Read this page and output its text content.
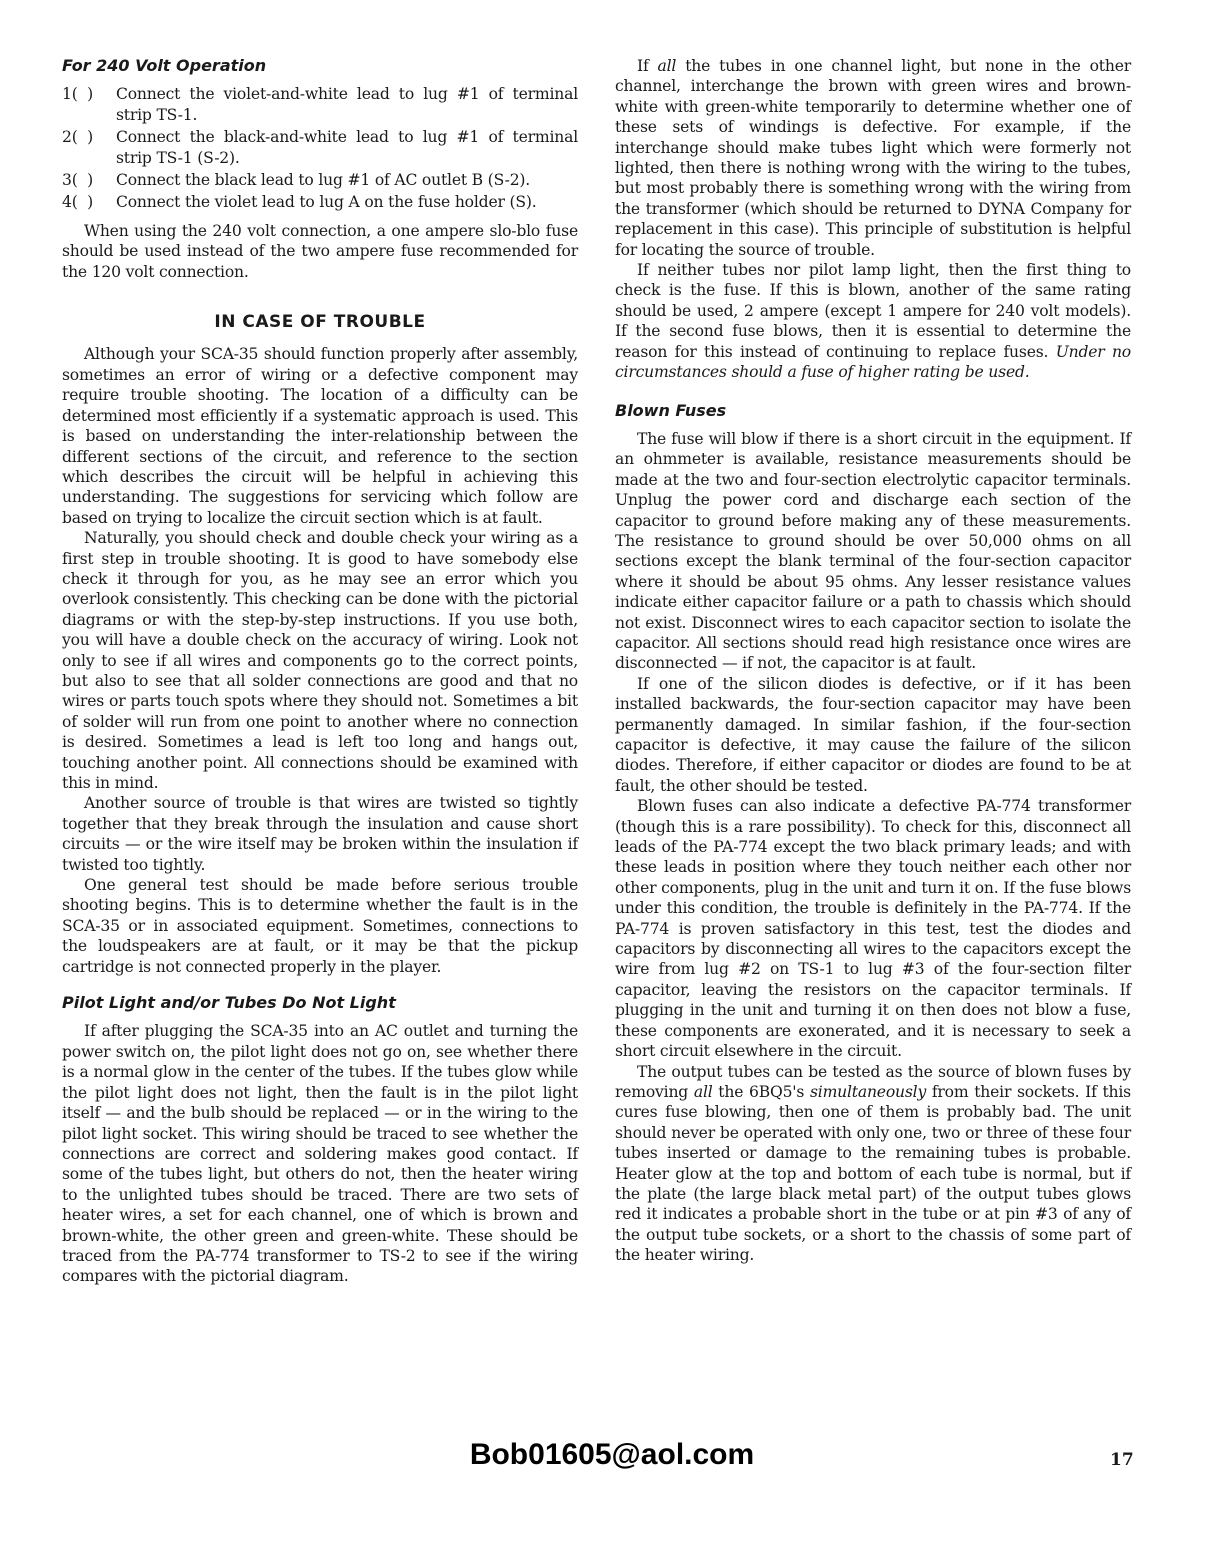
For 240 Volt Operation
1(  )	Connect the violet-and-white lead to lug #1 of terminal strip TS-1.
2(  )	Connect the black-and-white lead to lug #1 of terminal strip TS-1 (S-2).
3(  )	Connect the black lead to lug #1 of AC outlet B (S-2).
4(  )	Connect the violet lead to lug A on the fuse holder (S).

When using the 240 volt connection, a one ampere slo-blo fuse should be used instead of the two ampere fuse recommended for the 120 volt connection.

IN CASE OF TROUBLE

Although your SCA-35 should function properly after assembly, sometimes an error of wiring or a defective component may require trouble shooting. The location of a difficulty can be determined most efficiently if a systematic approach is used. This is based on understanding the inter-relationship between the different sections of the circuit, and reference to the section which describes the circuit will be helpful in achieving this understanding. The suggestions for servicing which follow are based on trying to localize the circuit section which is at fault.

Naturally, you should check and double check your wiring as a first step in trouble shooting. It is good to have somebody else check it through for you, as he may see an error which you overlook consistently. This checking can be done with the pictorial diagrams or with the step-by-step instructions. If you use both, you will have a double check on the accuracy of wiring. Look not only to see if all wires and components go to the correct points, but also to see that all solder connections are good and that no wires or parts touch spots where they should not. Sometimes a bit of solder will run from one point to another where no connection is desired. Sometimes a lead is left too long and hangs out, touching another point. All connections should be examined with this in mind.

Another source of trouble is that wires are twisted so tightly together that they break through the insulation and cause short circuits — or the wire itself may be broken within the insulation if twisted too tightly.

One general test should be made before serious trouble shooting begins. This is to determine whether the fault is in the SCA-35 or in associated equipment. Sometimes, connections to the loudspeakers are at fault, or it may be that the pickup cartridge is not connected properly in the player.

Pilot Light and/or Tubes Do Not Light

If after plugging the SCA-35 into an AC outlet and turning the power switch on, the pilot light does not go on, see whether there is a normal glow in the center of the tubes. If the tubes glow while the pilot light does not light, then the fault is in the pilot light itself — and the bulb should be replaced — or in the wiring to the pilot light socket. This wiring should be traced to see whether the connections are correct and soldering makes good contact. If some of the tubes light, but others do not, then the heater wiring to the unlighted tubes should be traced. There are two sets of heater wires, a set for each channel, one of which is brown and brown-white, the other green and green-white. These should be traced from the PA-774 transformer to TS-2 to see if the wiring compares with the pictorial diagram.

If all the tubes in one channel light, but none in the other channel, interchange the brown with green wires and brown-white with green-white temporarily to determine whether one of these sets of windings is defective. For example, if the interchange should make tubes light which were formerly not lighted, then there is nothing wrong with the wiring to the tubes, but most probably there is something wrong with the wiring from the transformer (which should be returned to DYNA Company for replacement in this case). This principle of substitution is helpful for locating the source of trouble.

If neither tubes nor pilot lamp light, then the first thing to check is the fuse. If this is blown, another of the same rating should be used, 2 ampere (except 1 ampere for 240 volt models). If the second fuse blows, then it is essential to determine the reason for this instead of continuing to replace fuses. Under no circumstances should a fuse of higher rating be used.

Blown Fuses

The fuse will blow if there is a short circuit in the equipment. If an ohmmeter is available, resistance measurements should be made at the two and four-section electrolytic capacitor terminals. Unplug the power cord and discharge each section of the capacitor to ground before making any of these measurements. The resistance to ground should be over 50,000 ohms on all sections except the blank terminal of the four-section capacitor where it should be about 95 ohms. Any lesser resistance values indicate either capacitor failure or a path to chassis which should not exist. Disconnect wires to each capacitor section to isolate the capacitor. All sections should read high resistance once wires are disconnected — if not, the capacitor is at fault.

If one of the silicon diodes is defective, or if it has been installed backwards, the four-section capacitor may have been permanently damaged. In similar fashion, if the four-section capacitor is defective, it may cause the failure of the silicon diodes. Therefore, if either capacitor or diodes are found to be at fault, the other should be tested.

Blown fuses can also indicate a defective PA-774 transformer (though this is a rare possibility). To check for this, disconnect all leads of the PA-774 except the two black primary leads; and with these leads in position where they touch neither each other nor other components, plug in the unit and turn it on. If the fuse blows under this condition, the trouble is definitely in the PA-774. If the PA-774 is proven satisfactory in this test, test the diodes and capacitors by disconnecting all wires to the capacitors except the wire from lug #2 on TS-1 to lug #3 of the four-section filter capacitor, leaving the resistors on the capacitor terminals. If plugging in the unit and turning it on then does not blow a fuse, these components are exonerated, and it is necessary to seek a short circuit elsewhere in the circuit.

The output tubes can be tested as the source of blown fuses by removing all the 6BQ5's simultaneously from their sockets. If this cures fuse blowing, then one of them is probably bad. The unit should never be operated with only one, two or three of these four tubes inserted or damage to the remaining tubes is probable. Heater glow at the top and bottom of each tube is normal, but if the plate (the large black metal part) of the output tubes glows red it indicates a probable short in the tube or at pin #3 of any of the output tube sockets, or a short to the chassis of some part of the heater wiring.

Bob01605@aol.com	17
